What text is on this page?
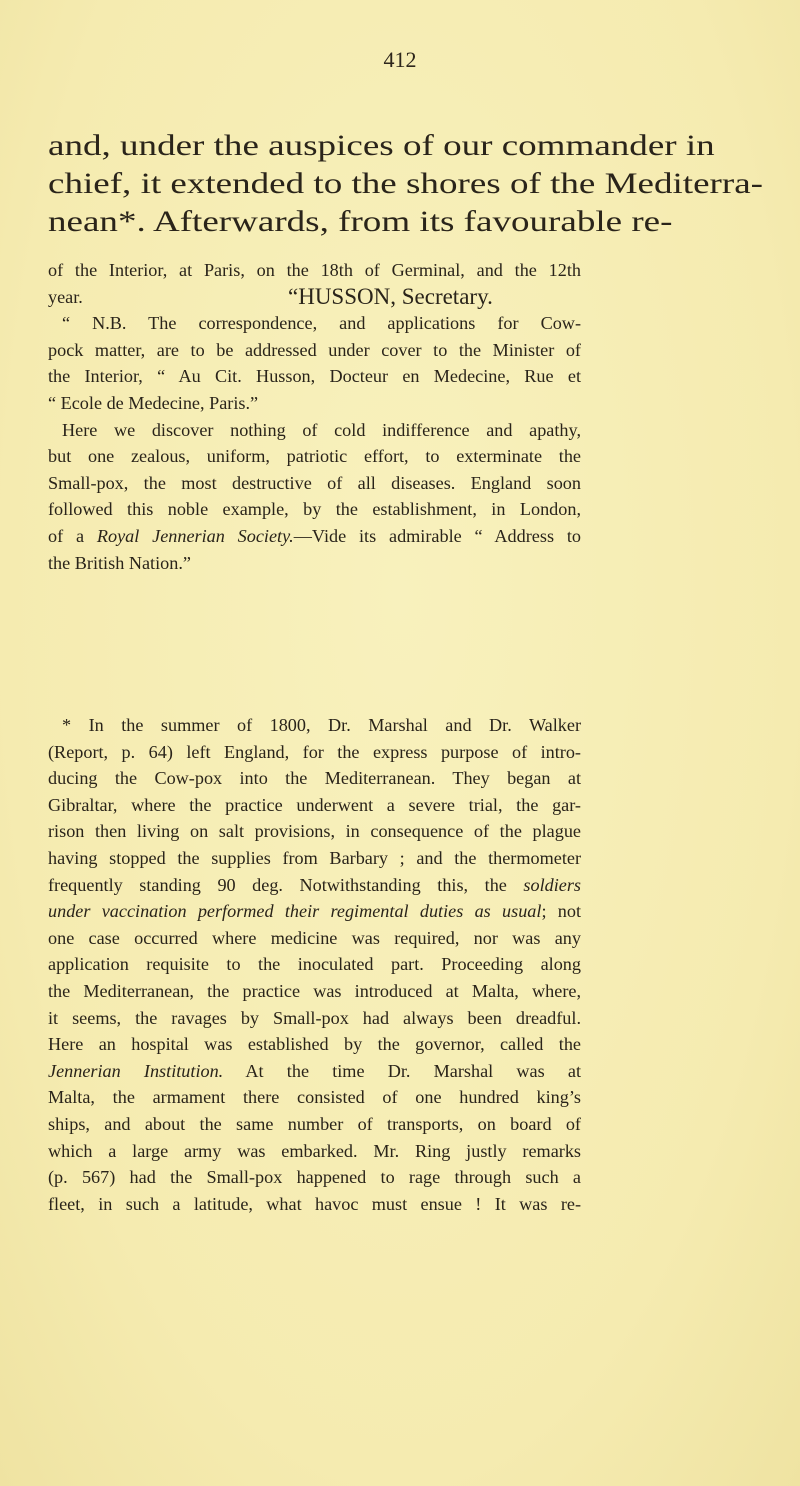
412
and, under the auspices of our commander in
chief, it extended to the shores of the Mediterra-
nean*. Afterwards, from its favourable re-
of the Interior, at Paris, on the 18th of Germinal, and the 12th
year.	“HUSSON, Secretary.
“ N.B. The correspondence, and applications for Cow-
pock matter, are to be addressed under cover to the Minister of
the Interior, “ Au Cit. Husson, Docteur en Medecine, Rue et
“ Ecole de Medecine, Paris.”
Here we discover nothing of cold indifference and apathy,
but one zealous, uniform, patriotic effort, to exterminate the
Small-pox, the most destructive of all diseases. England soon
followed this noble example, by the establishment, in London,
of a Royal Jennerian Society.—Vide its admirable “ Address to
the British Nation.”
* In the summer of 1800, Dr. Marshal and Dr. Walker
(Report, p. 64) left England, for the express purpose of intro-
ducing the Cow-pox into the Mediterranean. They began at
Gibraltar, where the practice underwent a severe trial, the gar-
rison then living on salt provisions, in consequence of the plague
having stopped the supplies from Barbary ; and the thermometer
frequently standing 90 deg. Notwithstanding this, the soldiers
under vaccination performed their regimental duties as usual; not
one case occurred where medicine was required, nor was any
application requisite to the inoculated part. Proceeding along
the Mediterranean, the practice was introduced at Malta, where,
it seems, the ravages by Small-pox had always been dreadful.
Here an hospital was established by the governor, called the
Jennerian Institution. At the time Dr. Marshal was at
Malta, the armament there consisted of one hundred king’s
ships, and about the same number of transports, on board of
which a large army was embarked. Mr. Ring justly remarks
(p. 567) had the Small-pox happened to rage through such a
fleet, in such a latitude, what havoc must ensue ! It was re-
